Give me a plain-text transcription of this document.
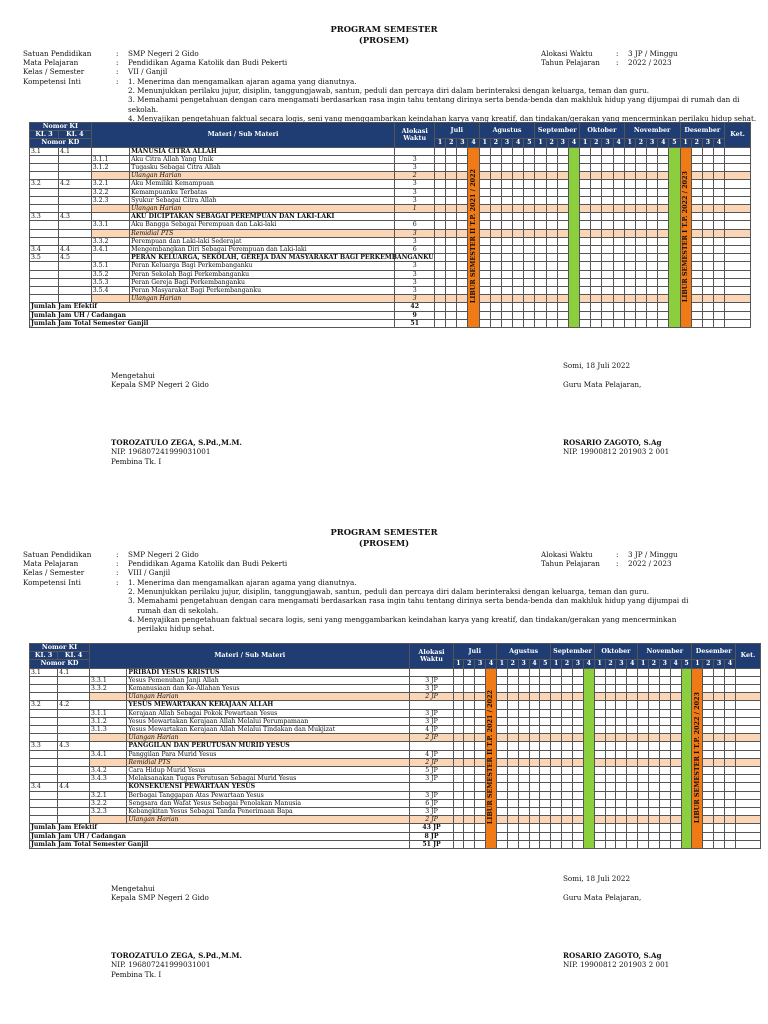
PROGRAM SEMESTER
(PROSEM)
Satuan Pendidikan	: SMP Negeri 2 Gido	Alokasi Waktu	: 3 JP / Minggu
Mata Pelajaran	: Pendidikan Agama Katolik dan Budi Pekerti	Tahun Pelajaran : 2022 / 2023
Kelas / Semester	: VII / Ganjil
Kompetensi Inti	: 1. Menerima dan mengamalkan ajaran agama yang dianutnya.
2. Menunjukkan perilaku jujur, disiplin, tanggungjawab, santun, peduli dan percaya diri dalam berinteraksi dengan keluarga, teman dan guru.
3. Memahami pengetahuan dengan cara mengamati berdasarkan rasa ingin tahu tentang dirinya serta benda-benda dan makhluk hidup yang dijumpai di rumah dan di sekolah.
4. Menyajikan pengetahuan faktual secara logis, seni yang menggambarkan keindahan karya yang kreatif, dan tindakan/gerakan yang mencerminkan perilaku hidup sehat.
Nomor KI		Materi / Sub Materi		Alokasi Waktu	Juli				Agustus					September				Oktober				November					Desember				Ket.
KI. 3	KI. 4																														
Nomor KD					1	2	3	4	1	2	3	4	5	1	2	3	4	1	2	3	4	1	2	3	4	5	1	2	3	4	
3.1	4.1		MANUSIA CITRA ALLAH					LIBUR SEMESTER II T.P. 2021 / 2022																			LIBUR SEMESTER I T.P. 2022 / 2023				
		3.1.1	Aku Citra Allah Yang Unik	3																											
		3.1.2	Tugasku Sebagai Citra Allah	3																											
			Ulangan Harian	2																											
3.2	4.2	3.2.1	Aku Memiliki Kemampuan	3																											
		3.2.2	Kemampuanku Terbatas	3																											
		3.2.3	Syukur Sebagai Citra Allah	3																											
			Ulangan Harian	1																											
3.3	4.3		AKU DICIPTAKAN SEBAGAI PEREMPUAN DAN LAKI-LAKI																												
		3.3.1	Aku Bangga Sebagai Perempuan dan Laki-laki	6																											
			Remidial PTS	3																											
		3.3.2	Perempuan dan Laki-laki Sederajat	3																											
3.4	4.4	3.4.1	Mengembangkan Diri Sebagai Perempuan dan Laki-laki	6																											
3.5	4.5		PERAN KELUARGA, SEKOLAH, GEREJA DAN MASYARAKAT BAGI PERKEMBANGANKU																												
		3.5.1	Peran Keluarga Bagi Perkembanganku	3																											
		3.5.2	Peran Sekolah Bagi Perkembanganku	3																											
		3.5.3	Peran Gereja Bagi Perkembanganku	3																											
		3.5.4	Peran Masyarakat Bagi Perkembanganku	3																											
			Ulangan Harian	3																											
Jumlah Jam Efektif				42																											
Jumlah Jam UH / Cadangan				9																											
Jumlah Jam Total Semester Ganjil				51																											
Mengetahui
Kepala SMP Negeri 2 Gido
TOROZATULO ZEGA, S.Pd.,M.M.
NIP. 196807241999031001
Pembina Tk. I
Somi, 18 Juli 2022
Guru Mata Pelajaran,
ROSARIO ZAGOTO, S.Ag
NIP. 19900812 201903 2 001
PROGRAM SEMESTER
(PROSEM)
Satuan Pendidikan	: SMP Negeri 2 Gido	Alokasi Waktu	: 3 JP / Minggu
Mata Pelajaran	: Pendidikan Agama Katolik dan Budi Pekerti	Tahun Pelajaran : 2022 / 2023
Kelas / Semester	: VIII / Ganjil
Kompetensi Inti	: 1. Menerima dan mengamalkan ajaran agama yang dianutnya.
2. Menunjukkan perilaku jujur, disiplin, tanggungjawab, santun, peduli dan percaya diri dalam berinteraksi dengan keluarga, teman dan guru.
3. Memahami pengetahuan dengan cara mengamati berdasarkan rasa ingin tahu tentang dirinya serta benda-benda dan makhluk hidup yang dijumpai di
rumah dan di sekolah.
4. Menyajikan pengetahuan faktual secara logis, seni yang menggambarkan keindahan karya yang kreatif, dan tindakan/gerakan yang mencerminkan
perilaku hidup sehat.
Nomor KI		Materi / Sub Materi		Alokasi Waktu	Juli				Agustus					September				Oktober				November					Desember				Ket.
KI. 3	KI. 4																														
Nomor KD					1	2	3	4	1	2	3	4	5	1	2	3	4	1	2	3	4	1	2	3	4	5	1	2	3	4	
3.1	4.1		PRIBADI YESUS KRISTUS					LIBUR SEMESTER II T.P. 2021 / 2022																			LIBUR SEMESTER I T.P. 2022 / 2023				
		3.3.1	Yesus Pemenuhan Janji Allah	3 JP																											
		3.3.2	Kemanusiaan dan Ke-Allahan Yesus	3 JP																											
			Ulangan Harian	2 JP																											
3.2	4.2		YESUS MEWARTAKAN KERAJAAN ALLAH																												
		3.1.1	Kerajaan Allah Sebagai Pokok Pewartaan Yesus	3 JP																											
		3.1.2	Yesus Mewartakan Kerajaan Allah Melalui Perumpamaan	3 JP																											
		3.1.3	Yesus Mewartakan Kerajaan Allah Melalui Tindakan dan Mukjizat	4 JP																											
			Ulangan Harian	2 JP																											
3.3	4.3		PANGGILAN DAN PERUTUSAN MURID YESUS																												
		3.4.1	Panggilan Para Murid Yesus	4 JP																											
			Remidial PTS	2 JP																											
		3.4.2	Cara Hidup Murid Yesus	5 JP																											
		3.4.3	Melaksanakan Tugas Perutusan Sebagai Murid Yesus	3 JP																											
3.4	4.4		KONSEKUENSI PEWARTAAN YESUS																												
		3.2.1	Berbagai Tanggapan Atas Pewartaan Yesus	3 JP																											
		3.2.2	Sengsara dan Wafat Yesus Sebagai Penolakan Manusia	6 JP																											
		3.2.3	Kebangkitan Yesus Sebagai Tanda Penerimaan Bapa	3 JP																											
			Ulangan Harian	2 JP																											
Jumlah Jam Efektif				43 JP																											
Jumlah Jam UH / Cadangan				8 JP																											
Jumlah Jam Total Semester Ganjil				51 JP																											
Mengetahui
Kepala SMP Negeri 2 Gido
TOROZATULO ZEGA, S.Pd.,M.M.
NIP. 196807241999031001
Pembina Tk. I
Somi, 18 Juli 2022
Guru Mata Pelajaran,
ROSARIO ZAGOTO, S.Ag
NIP. 19900812 201903 2 001
